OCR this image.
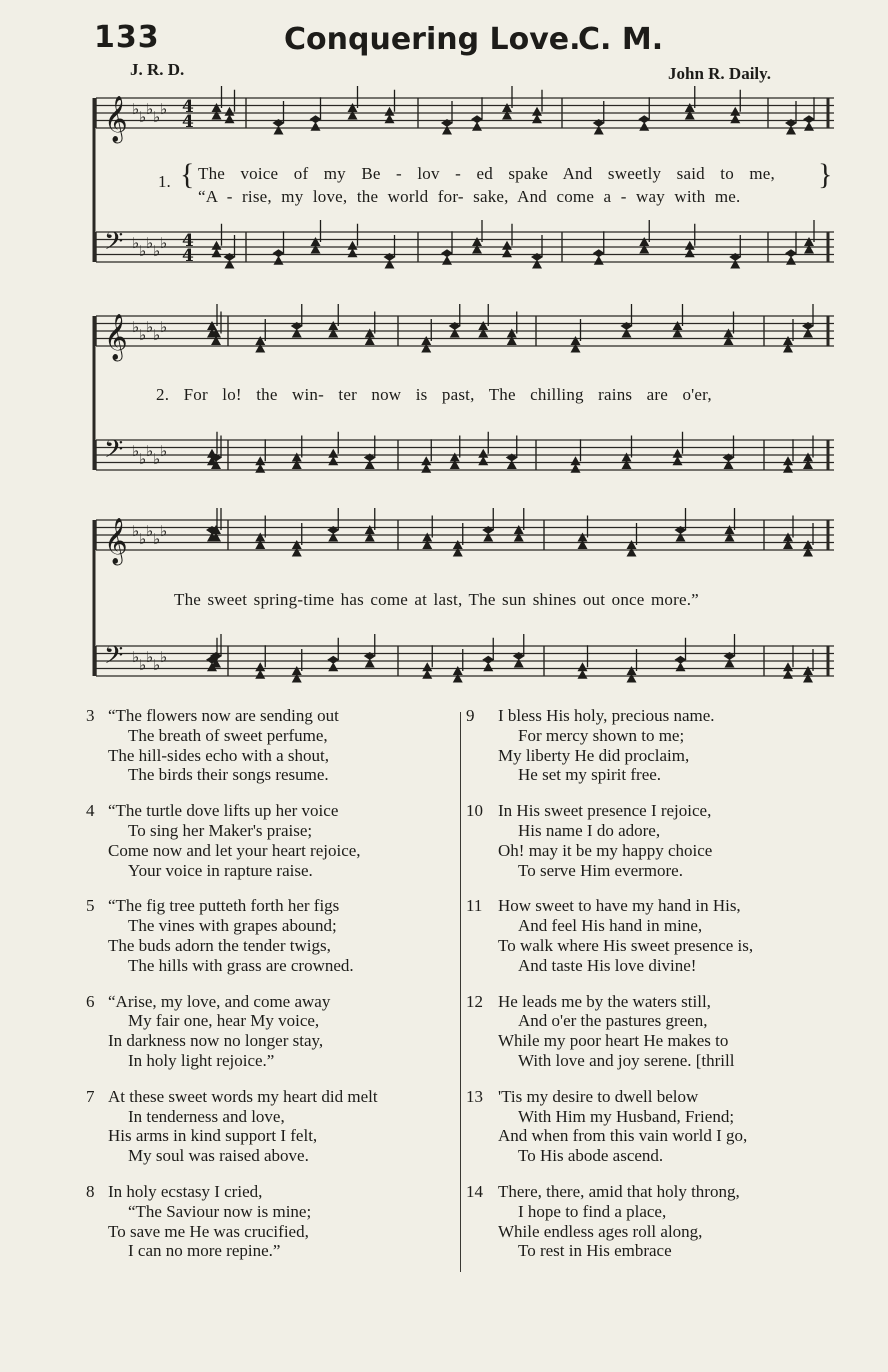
133	Conquering Love.
C. M.
J. R. D.	John R. Daily.
𝄞 ♭ ♭ ♭ ♭ ♭
𝄢 ♭ ♭ ♭ ♭ ♭
𝄞 ♭ ♭ ♭ ♭ ♭
𝄢 ♭ ♭ ♭ ♭ ♭
𝄞 ♭ ♭ ♭ ♭ ♭
𝄢 ♭ ♭ ♭ ♭ ♭
4
4
4
4
1. { The voice of my Be - lov - ed spake And sweetly said to me,
“A - rise, my love, the world for- sake, And come a - way with me.
}
2. For lo! the win- ter now is past, The chilling rains are o'er,
The sweet spring-time has come at last, The sun shines out once more.”
3 “The flowers now are sending out
The breath of sweet perfume,
The hill-sides echo with a shout,
The birds their songs resume.
4 “The turtle dove lifts up her voice
To sing her Maker's praise;
Come now and let your heart rejoice,
Your voice in rapture raise.
5 “The fig tree putteth forth her figs
The vines with grapes abound;
The buds adorn the tender twigs,
The hills with grass are crowned.
6 “Arise, my love, and come away
My fair one, hear My voice,
In darkness now no longer stay,
In holy light rejoice.”
7 At these sweet words my heart did melt
In tenderness and love,
His arms in kind support I felt,
My soul was raised above.
8 In holy ecstasy I cried,
“The Saviour now is mine;
To save me He was crucified,
I can no more repine.”
9	I bless His holy, precious name.
For mercy shown to me;
My liberty He did proclaim,
He set my spirit free.
10 In His sweet presence I rejoice,
His name I do adore,
Oh! may it be my happy choice
To serve Him evermore.
11 How sweet to have my hand in His,
And feel His hand in mine,
To walk where His sweet presence is,
And taste His love divine!
12 He leads me by the waters still,
And o'er the pastures green,
While my poor heart He makes to
With love and joy serene. [thrill
13 'Tis my desire to dwell below
With Him my Husband, Friend;
And when from this vain world I go,
To His abode ascend.
14 There, there, amid that holy throng,
I hope to find a place,
While endless ages roll along,
To rest in His embrace
